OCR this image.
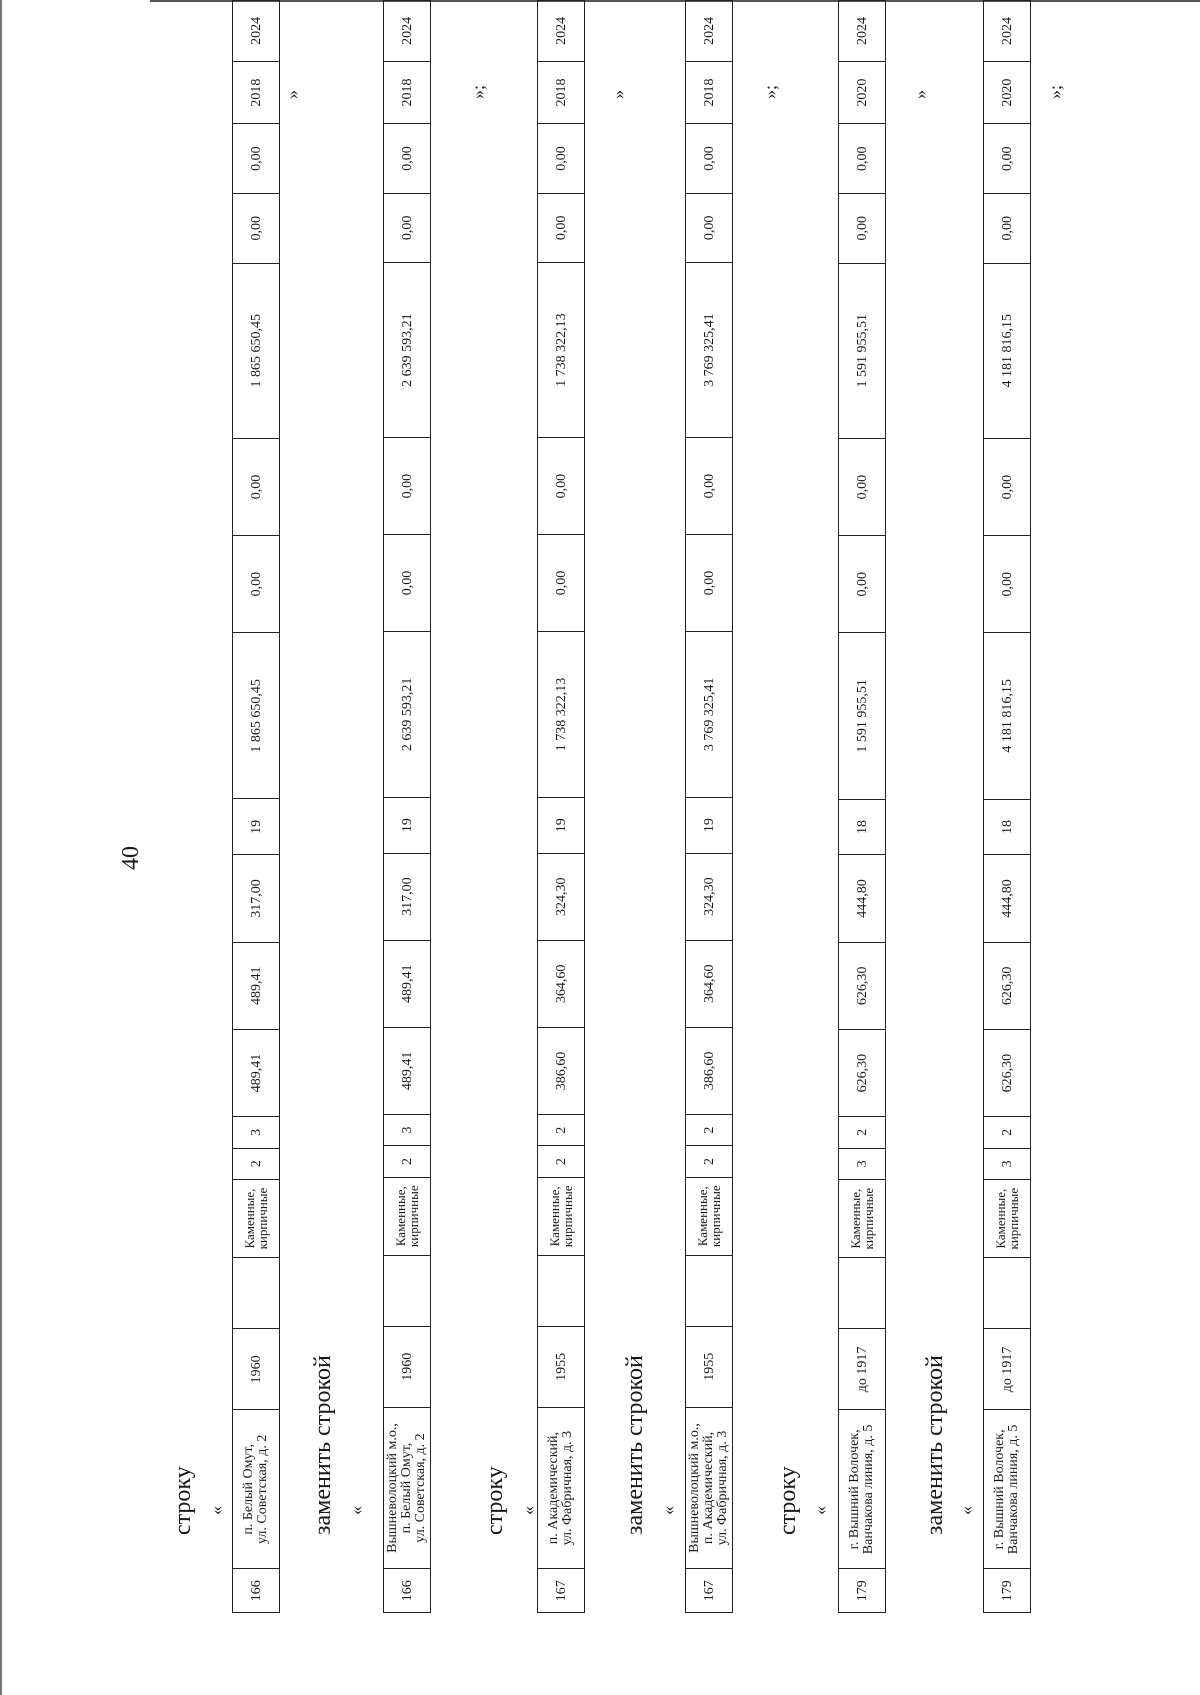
40
строку «
166	п. Белый Омут,
ул. Советская, д. 2	1960		Каменные,
кирпичные	2	3	489,41	489,41	317,00	19	1 865 650,45	0,00	0,00	1 865 650,45	0,00	0,00	2018	2024
»
заменить строкой «
166	Вышневолоцкий м.о.,
п. Белый Омут,
ул. Советская, д. 2	1960		Каменные,
кирпичные	2	3	489,41	489,41	317,00	19	2 639 593,21	0,00	0,00	2 639 593,21	0,00	0,00	2018	2024
»;
строку «
167	п. Академический,
ул. Фабричная, д. 3	1955		Каменные,
кирпичные	2	2	386,60	364,60	324,30	19	1 738 322,13	0,00	0,00	1 738 322,13	0,00	0,00	2018	2024
»
заменить строкой «
167	Вышневолоцкий м.о.,
п. Академический,
ул. Фабричная, д. 3	1955		Каменные,
кирпичные	2	2	386,60	364,60	324,30	19	3 769 325,41	0,00	0,00	3 769 325,41	0,00	0,00	2018	2024
»;
строку «
179	г. Вышний Волочек,
Ванчакова линия, д. 5	до 1917		Каменные,
кирпичные	3	2	626,30	626,30	444,80	18	1 591 955,51	0,00	0,00	1 591 955,51	0,00	0,00	2020	2024
»
заменить строкой «
179	г. Вышний Волочек,
Ванчакова линия, д. 5	до 1917		Каменные,
кирпичные	3	2	626,30	626,30	444,80	18	4 181 816,15	0,00	0,00	4 181 816,15	0,00	0,00	2020	2024
»;
